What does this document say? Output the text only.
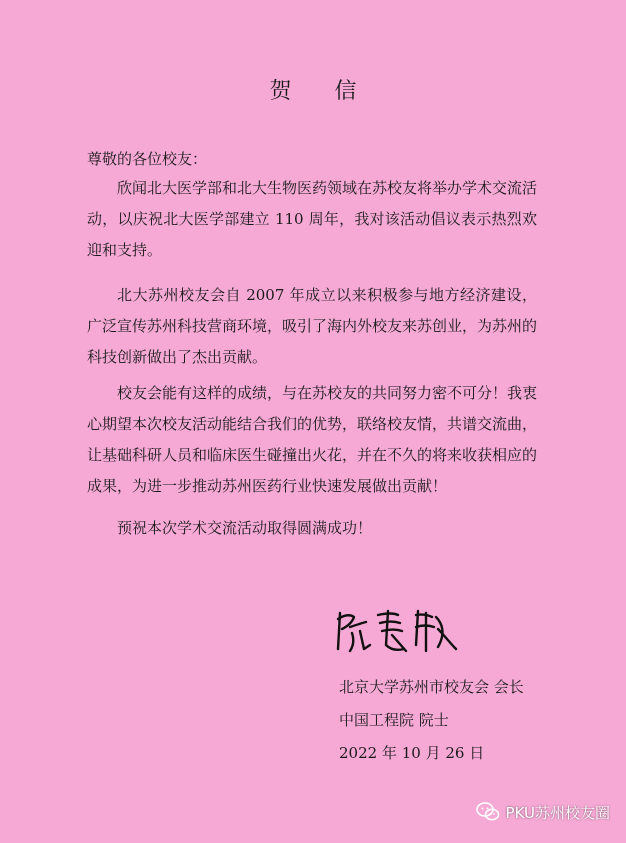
贺 信
尊敬的各位校友：

欣闻北大医学部和北大生物医药领域在苏校友将举办学术交流活动，以庆祝北大医学部建立 110 周年，我对该活动倡议表示热烈欢迎和支持。

北大苏州校友会自 2007 年成立以来积极参与地方经济建设，广泛宣传苏州科技营商环境，吸引了海内外校友来苏创业，为苏州的科技创新做出了杰出贡献。

校友会能有这样的成绩，与在苏校友的共同努力密不可分！我衷心期望本次校友活动能结合我们的优势，联络校友情，共谱交流曲，让基础科研人员和临床医生碰撞出火花，并在不久的将来收获相应的成果，为进一步推动苏州医药行业快速发展做出贡献！

预祝本次学术交流活动取得圆满成功！

北京大学苏州市校友会 会长
中国工程院 院士
2022 年 10 月 26 日
PKU苏州校友圈
